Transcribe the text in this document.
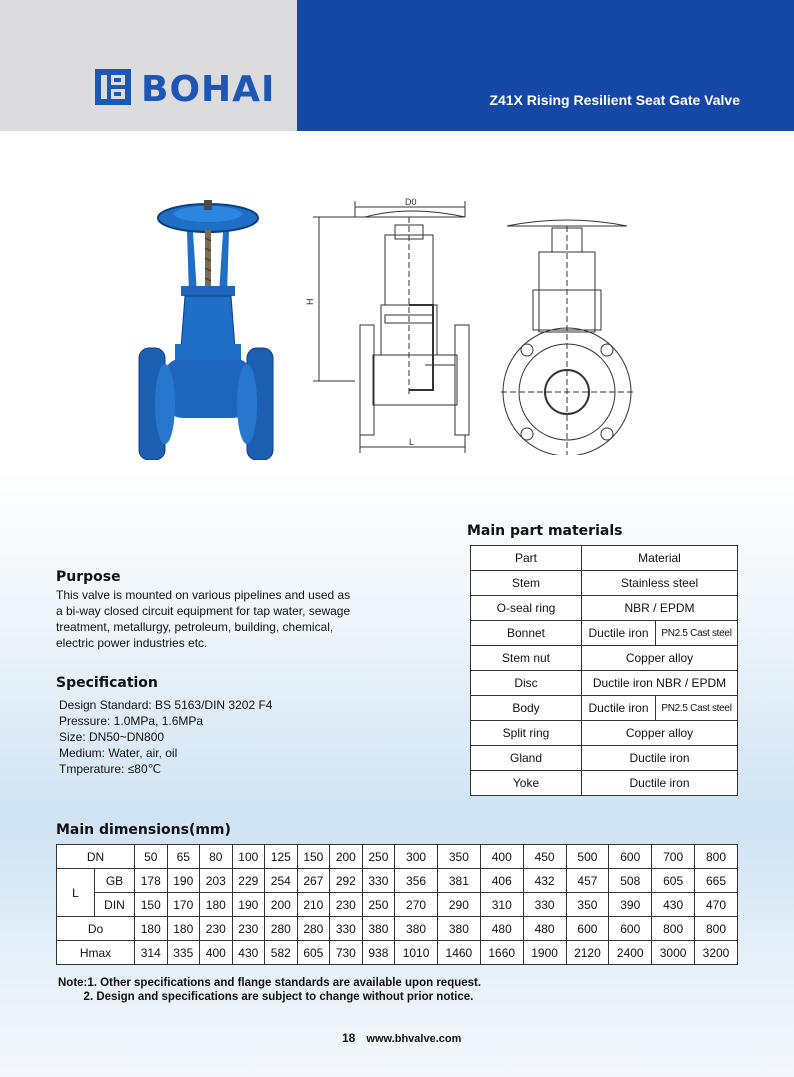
BOHAI	Z41X Rising Resilient Seat Gate Valve
D0
H
L
Main part materials
Part	Material	
Stem	Stainless steel	
O-seal ring	NBR / EPDM	
Bonnet	Ductile iron	PN2.5 Cast steel
Stem nut	Copper alloy	
Disc	Ductile iron NBR / EPDM	
Body	Ductile iron	PN2.5 Cast steel
Split ring	Copper alloy	
Gland	Ductile iron	
Yoke	Ductile iron	
Purpose
This valve is mounted on various pipelines and used as
a bi-way closed circuit equipment for tap water, sewage
treatment, metallurgy, petroleum, building, chemical,
electric power industries etc.
Specification
Design Standard: BS 5163/DIN 3202 F4
Pressure: 1.0MPa, 1.6MPa
Size: DN50~DN800
Medium: Water, air, oil
Tmperature: ≤80℃
Main dimensions(mm)
DN		50	65	80	100	125	150	200	250	300	350	400	450	500	600	700	800
L	GB	178	190	203	229	254	267	292	330	356	381	406	432	457	508	605	665
	DIN	150	170	180	190	200	210	230	250	270	290	310	330	350	390	430	470
Do		180	180	230	230	280	280	330	380	380	380	480	480	600	600	800	800
Hmax		314	335	400	430	582	605	730	938	1010	1460	1660	1900	2120	2400	3000	3200
Note:1. Other specifications and flange standards are available upon request.
2. Design and specifications are subject to change without prior notice.
18 www.bhvalve.com
